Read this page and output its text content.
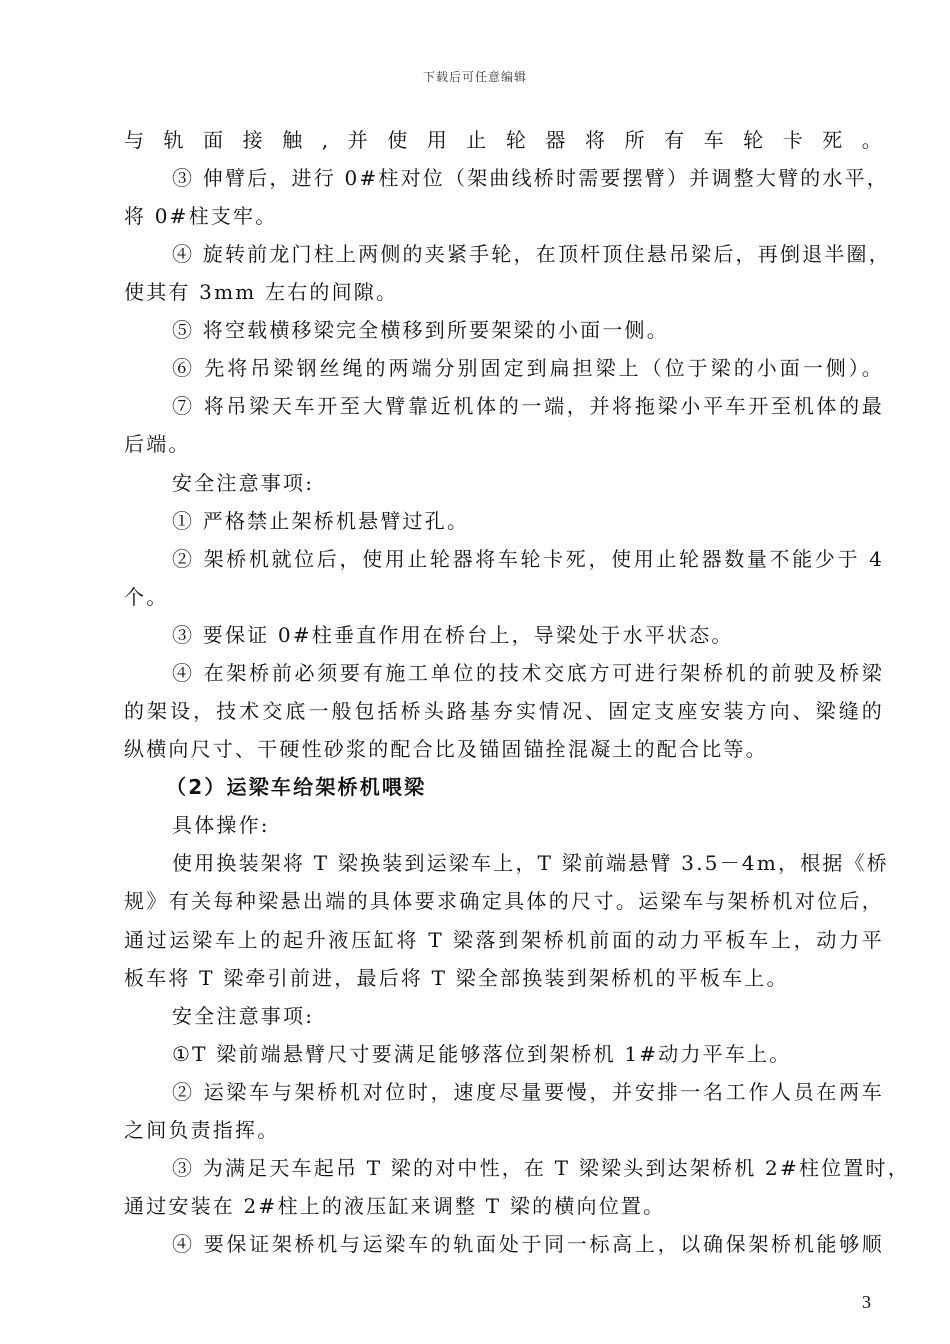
下载后可任意编辑
与轨面接触,并使用止轮器将所有车轮卡死。
③ 伸臂后，进行 0#柱对位（架曲线桥时需要摆臂）并调整大臂的水平，
将 0#柱支牢。
④ 旋转前龙门柱上两侧的夹紧手轮，在顶杆顶住悬吊梁后，再倒退半圈，
使其有 3mm 左右的间隙。
⑤ 将空载横移梁完全横移到所要架梁的小面一侧。
⑥ 先将吊梁钢丝绳的两端分别固定到扁担梁上（位于梁的小面一侧）。
⑦ 将吊梁天车开至大臂靠近机体的一端，并将拖梁小平车开至机体的最
后端。
安全注意事项:
① 严格禁止架桥机悬臂过孔。
② 架桥机就位后，使用止轮器将车轮卡死，使用止轮器数量不能少于 4
个。
③ 要保证 0#柱垂直作用在桥台上，导梁处于水平状态。
④ 在架桥前必须要有施工单位的技术交底方可进行架桥机的前驶及桥梁
的架设，技术交底一般包括桥头路基夯实情况、固定支座安装方向、梁缝的
纵横向尺寸、干硬性砂浆的配合比及锚固锚拴混凝土的配合比等。
（2）运梁车给架桥机喂梁
具体操作:
使用换装架将 T 梁换装到运梁车上，T 梁前端悬臂 3.5－4m，根据《桥
规》有关每种梁悬出端的具体要求确定具体的尺寸。运梁车与架桥机对位后，
通过运梁车上的起升液压缸将 T 梁落到架桥机前面的动力平板车上，动力平
板车将 T 梁牵引前进，最后将 T 梁全部换装到架桥机的平板车上。
安全注意事项:
①T 梁前端悬臂尺寸要满足能够落位到架桥机 1#动力平车上。
② 运梁车与架桥机对位时，速度尽量要慢，并安排一名工作人员在两车
之间负责指挥。
③ 为满足天车起吊 T 梁的对中性，在 T 梁梁头到达架桥机 2#柱位置时，
通过安装在 2#柱上的液压缸来调整 T 梁的横向位置。
④ 要保证架桥机与运梁车的轨面处于同一标高上，以确保架桥机能够顺
3
